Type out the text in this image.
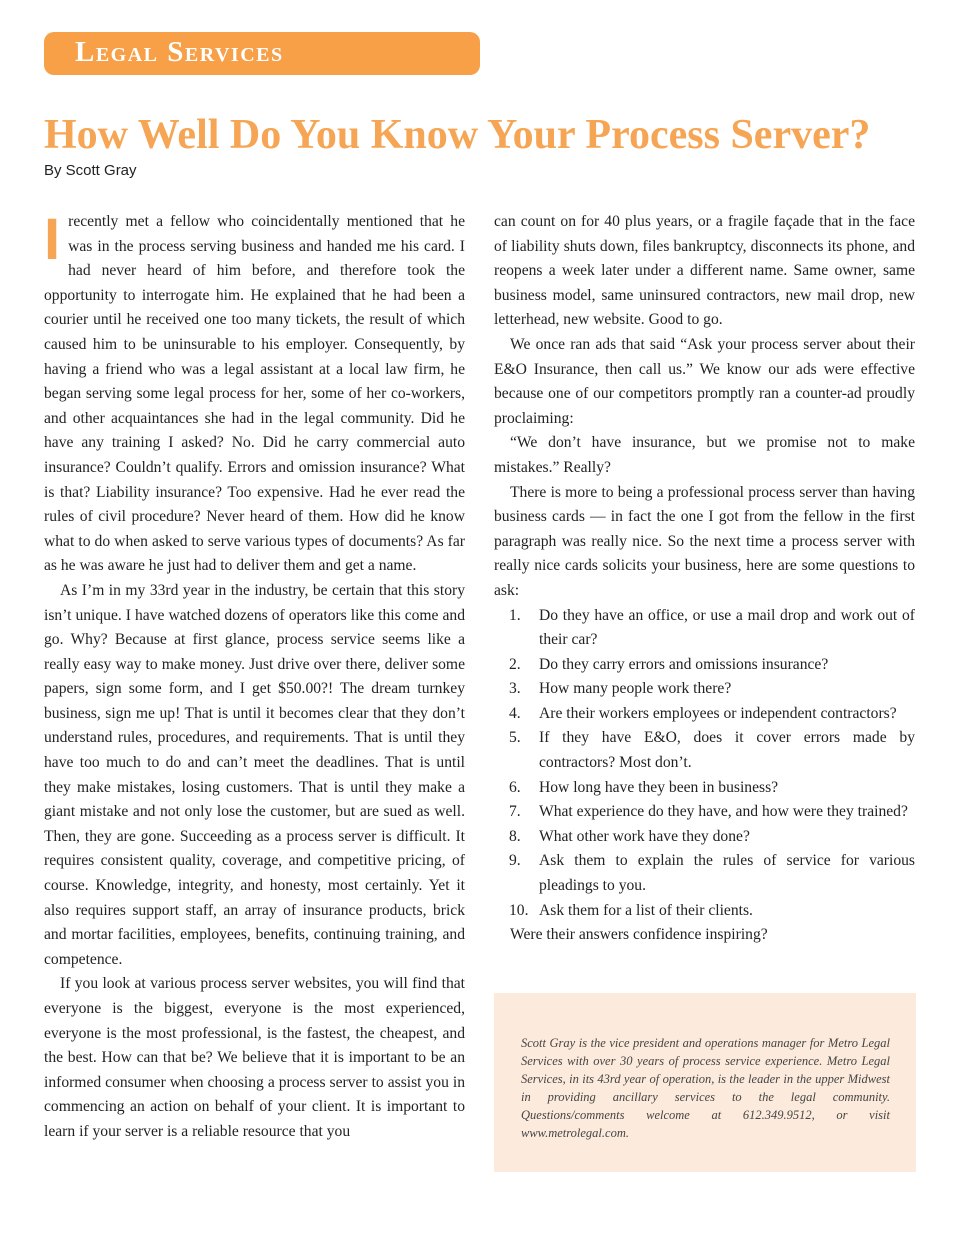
Legal Services
How Well Do You Know Your Process Server?
By Scott Gray

Irecently met a fellow who coincidentally mentioned that he was in the process serving business and handed me his card. I had never heard of him before, and therefore took the opportunity to interrogate him. He explained that he had been a courier until he received one too many tickets, the result of which caused him to be uninsurable to his employer. Consequently, by having a friend who was a legal assistant at a local law firm, he began serving some legal process for her, some of her co-workers, and other acquaintances she had in the legal community. Did he have any training I asked? No. Did he carry commercial auto insurance? Couldn’t qualify. Errors and omission insurance? What is that? Liability insurance? Too expensive. Had he ever read the rules of civil procedure? Never heard of them. How did he know what to do when asked to serve various types of documents? As far as he was aware he just had to deliver them and get a name.

As I’m in my 33rd year in the industry, be certain that this story isn’t unique. I have watched dozens of operators like this come and go. Why? Because at first glance, process service seems like a really easy way to make money. Just drive over there, deliver some papers, sign some form, and I get $50.00?! The dream turnkey business, sign me up! That is until it becomes clear that they don’t understand rules, procedures, and requirements. That is until they have too much to do and can’t meet the deadlines. That is until they make mistakes, losing customers. That is until they make a giant mistake and not only lose the customer, but are sued as well. Then, they are gone. Succeeding as a process server is difficult. It requires consistent quality, coverage, and competitive pricing, of course. Knowledge, integrity, and honesty, most certainly. Yet it also requires support staff, an array of insurance products, brick and mortar facilities, employees, benefits, continuing training, and competence.

If you look at various process server websites, you will find that everyone is the biggest, everyone is the most experienced, everyone is the most professional, is the fastest, the cheapest, and the best. How can that be? We believe that it is important to be an informed consumer when choosing a process server to assist you in commencing an action on behalf of your client. It is important to learn if your server is a reliable resource that you

can count on for 40 plus years, or a fragile façade that in the face of liability shuts down, files bankruptcy, disconnects its phone, and reopens a week later under a different name. Same owner, same business model, same uninsured contractors, new mail drop, new letterhead, new website. Good to go.

We once ran ads that said “Ask your process server about their E&O Insurance, then call us.” We know our ads were effective because one of our competitors promptly ran a counter-ad proudly proclaiming:

“We don’t have insurance, but we promise not to make mistakes.” Really?

There is more to being a professional process server than having business cards — in fact the one I got from the fellow in the first paragraph was really nice. So the next time a process server with really nice cards solicits your business, here are some questions to ask:

1. Do they have an office, or use a mail drop and work out of their car?
2. Do they carry errors and omissions insurance?
3. How many people work there?
4. Are their workers employees or independent contractors?
5. If they have E&O, does it cover errors made by contractors? Most don’t.
6. How long have they been in business?
7. What experience do they have, and how were they trained?
8. What other work have they done?
9. Ask them to explain the rules of service for various pleadings to you.
10. Ask them for a list of their clients.

Were their answers confidence inspiring?

Scott Gray is the vice president and operations manager for Metro Legal Services with over 30 years of process service experience. Metro Legal Services, in its 43rd year of operation, is the leader in the upper Midwest in providing ancillary services to the legal community. Questions/comments welcome at 612.349.9512, or visit www.metrolegal.com.
